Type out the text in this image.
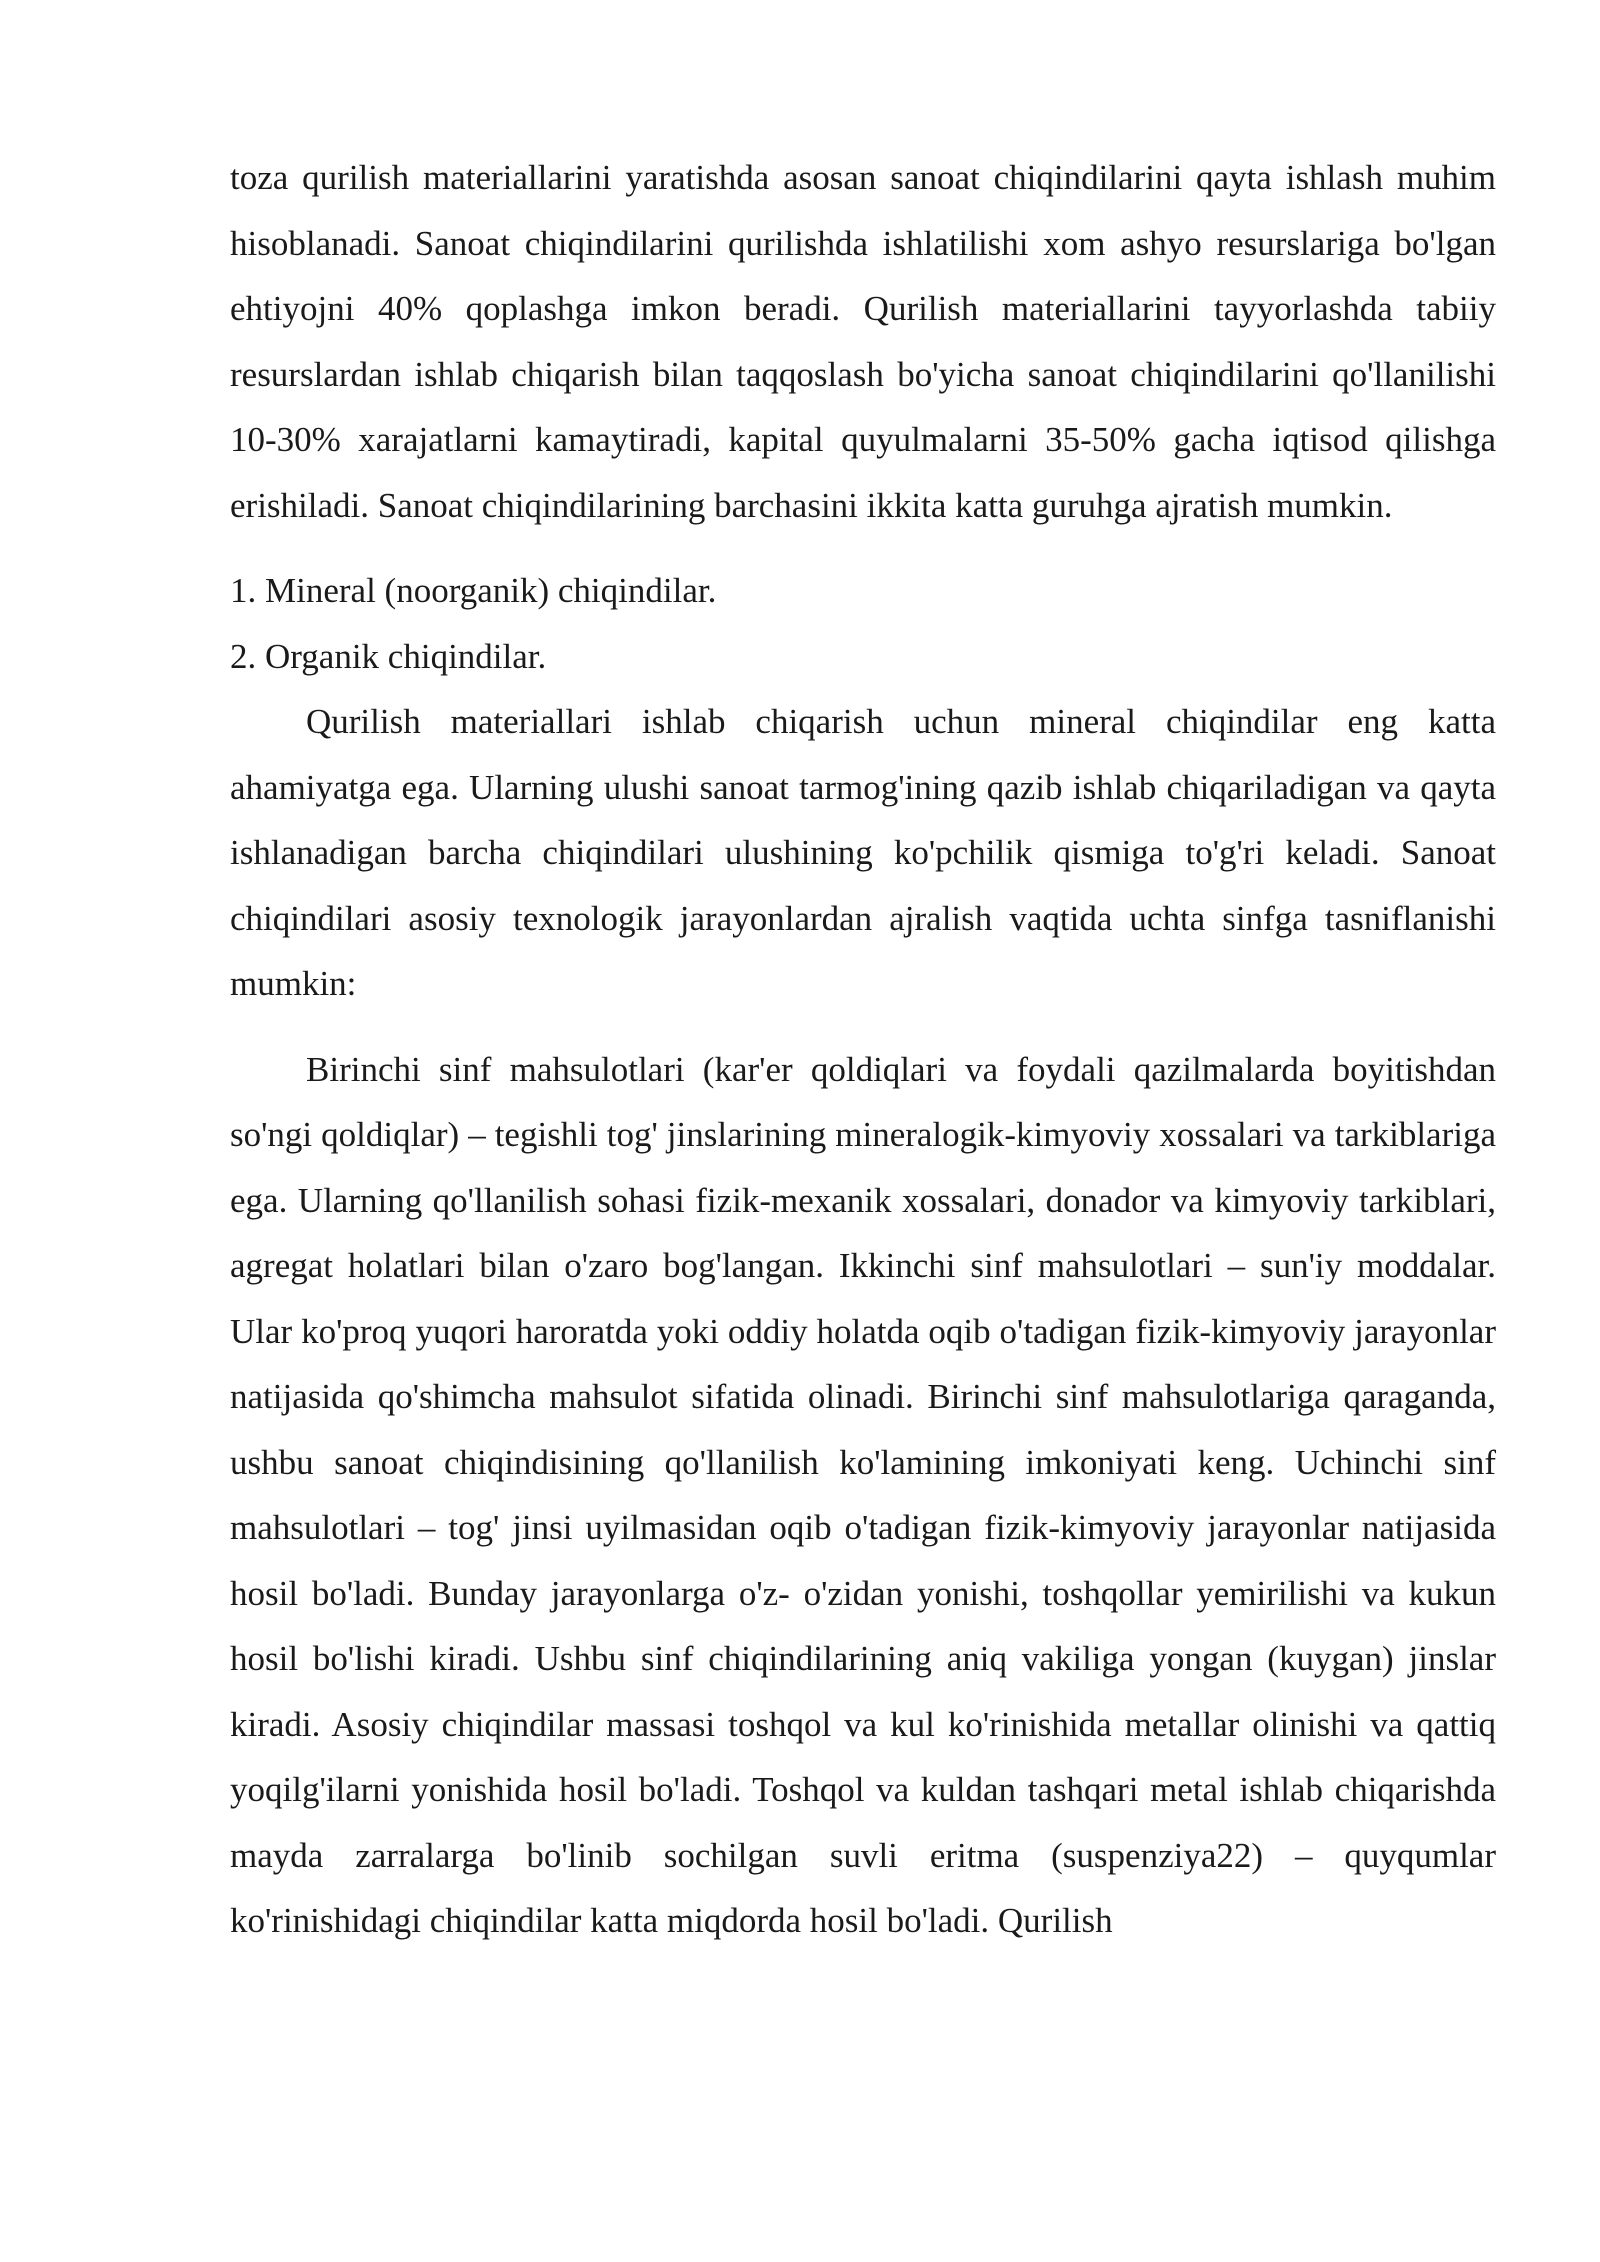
toza qurilish materiallarini yaratishda asosan sanoat chiqindilarini qayta ishlash muhim hisoblanadi. Sanoat chiqindilarini qurilishda ishlatilishi xom ashyo resurslariga bo'lgan ehtiyojni 40% qoplashga imkon beradi. Qurilish materiallarini tayyorlashda tabiiy resurslardan ishlab chiqarish bilan taqqoslash bo'yicha sanoat chiqindilarini qo'llanilishi 10-30% xarajatlarni kamaytiradi, kapital quyulmalarni 35-50% gacha iqtisod qilishga erishiladi. Sanoat chiqindilarining barchasini ikkita katta guruhga ajratish mumkin.

1. Mineral (noorganik) chiqindilar.

2. Organik chiqindilar.

Qurilish materiallari ishlab chiqarish uchun mineral chiqindilar eng katta ahamiyatga ega. Ularning ulushi sanoat tarmog'ining qazib ishlab chiqariladigan va qayta ishlanadigan barcha chiqindilari ulushining ko'pchilik qismiga to'g'ri keladi. Sanoat chiqindilari asosiy texnologik jarayonlardan ajralish vaqtida uchta sinfga tasniflanishi mumkin:

Birinchi sinf mahsulotlari (kar'er qoldiqlari va foydali qazilmalarda boyitishdan so'ngi qoldiqlar) – tegishli tog' jinslarining mineralogik-kimyoviy xossalari va tarkiblariga ega. Ularning qo'llanilish sohasi fizik-mexanik xossalari, donador va kimyoviy tarkiblari, agregat holatlari bilan o'zaro bog'langan. Ikkinchi sinf mahsulotlari – sun'iy moddalar. Ular ko'proq yuqori haroratda yoki oddiy holatda oqib o'tadigan fizik-kimyoviy jarayonlar natijasida qo'shimcha mahsulot sifatida olinadi. Birinchi sinf mahsulotlariga qaraganda, ushbu sanoat chiqindisining qo'llanilish ko'lamining imkoniyati keng. Uchinchi sinf mahsulotlari – tog' jinsi uyilmasidan oqib o'tadigan fizik-kimyoviy jarayonlar natijasida hosil bo'ladi. Bunday jarayonlarga o'z- o'zidan yonishi, toshqollar yemirilishi va kukun hosil bo'lishi kiradi. Ushbu sinf chiqindilarining aniq vakiliga yongan (kuygan) jinslar kiradi. Asosiy chiqindilar massasi toshqol va kul ko'rinishida metallar olinishi va qattiq yoqilg'ilarni yonishida hosil bo'ladi. Toshqol va kuldan tashqari metal ishlab chiqarishda mayda zarralarga bo'linib sochilgan suvli eritma (suspenziya22) – quyqumlar ko'rinishidagi chiqindilar katta miqdorda hosil bo'ladi. Qurilish
